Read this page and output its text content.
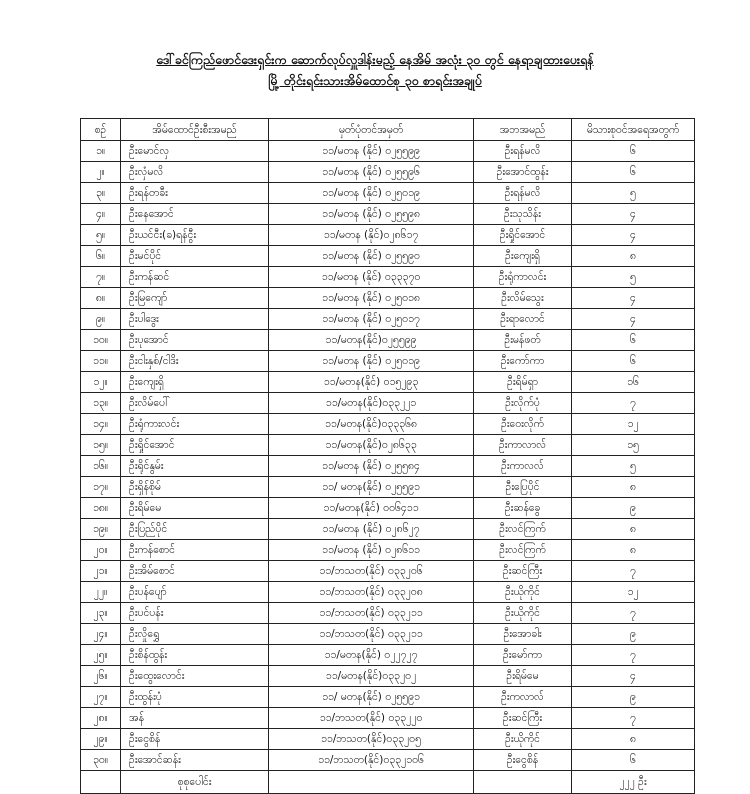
ဒေါ်ခင်ကြည်ဖောင်ဒေးရှင်းက ဆောက်လုပ်လှူဒါန်းမည့် နေအိမ် အလုံး ၃၀ တွင် နေရာချထားပေးရန်
မြို့ တိုင်းရင်းသားအိမ်ထောင်စု ၃၀ စာရင်းအချုပ်
စဉ်	အိမ်ထောင်ဦးစီးအမည်	မှတ်ပုံတင်အမှတ်	အဘအမည်	မိသားစုဝင်အရေအတွက်
၁။	ဦးမောင်လှ	၁၁/မတန (နိုင်) ၀၂၅၅၉၉	ဦးရန်မလိ	၆
၂။	ဦးလှံမလိ	၁၁/မတန (နိုင်) ၀၂၅၅၉၆	ဦးအောင်ထွန်း	၆
၃။	ဦးရန်တခီး	၁၁/မတန (နိုင်) ၀၂၅၀၁၉	ဦးရန်မလိ	၅
၄။	ဦးနေအောင်	၁၁/မတန (နိုင်) ၀၂၅၅၉၈	ဦးသုသိန်း	၄
၅။	ဦးယင်ငီး(ခ)ရန်ငွီး	၁၁/မတန (နိုင်)၀၂၈၆၁၇	ဦးရှိုင်အောင်	၄
၆။	ဦးမင်ပိုင်	၁၁/မတန (နိုင်) ၀၂၅၅၉၀	ဦးကျေးရှိ	၈
၇။	ဦးကန်ဆင်	၁၁/မတန (နိုင်) ၀၃၃၃၇၀	ဦးရုံကာလင်း	၅
၈။	ဦးမြကျော်	၁၁/မတန (နိုင်) ၀၂၅၀၁၈	ဦးလိမ်သွေး	၄
၉။	ဦးပါဒွေး	၁၁/မတန (နိုင်) ၀၂၅၀၁၇	ဦးရာလောင်	၄
၁၀။	ဦးပုအောင်	၁၁/မတန(နိုင်)၀၂၅၅၉၉	ဦးမန်ဖတ်	၆
၁၁။	ဦးငါးနှစ်/ငါဒိး	၁၁/မတန (နိုင်) ၀၂၅၀၁၉	ဦးကော်ကာ	၆
၁၂။	ဦးကျေးရှိ	၁၁/မတန(နိုင်) ၀၁၅၂၉၃	ဦးရိမ်ရှာ	၁၆
၁၃။	ဦးလိမ်ပေါ်	၁၁/မတန(နိုင်)၀၃၃၂၂၁	ဦးလိုက်ပုံ	၇
၁၄။	ဦးရုံကားလင်း	၁၁/မတန(နိုင်)၀၃၃၃၆၈	ဦးဝေးလိုက်	၁၂
၁၅။	ဦးရှိုင်အောင်	၁၁/မတန(နိုင်)၀၂၈၆၃၃	ဦးကာလာလ်	၁၅
၁၆။	ဦးရိုင်နွမ်း	၁၁/မတန (နိုင်) ၀၂၅၅၈၄	ဦးကာလလ်	၅
၁၇။	ဦးရှိန်စိုမ်	၁၁/ မတန(နိုင်) ၀၂၅၅၉၁	ဦးပြေပိုင်	၈
၁၈။	ဦးရိမ်မေ	၁၁/မတန(နိုင်) ၀၀၆၄၁၁	ဦးဆန်ခွေ	၉
၁၉။	ဦးပြည်ပိုင်	၁၁/မတန (နိုင်) ၀၂၈၆၂၇	ဦးလင်ကြက်	၈
၂၀။	ဦးကန်စောင်	၁၁/မတန (နိုင်) ၀၂၈၆၁၁	ဦးလင်ကြက်	၈
၂၁။	ဦးအိမ်စောင်	၁၁/ဘသတ(နိုင်) ၀၃၃၂၀၆	ဦးဆင်ကြီး	၇
၂၂။	ဦးပန်ပျော်	၁၁/ဘသတ(နိုင်) ၀၃၃၂၀၈	ဦးယိုကိုင်	၁၂
၂၃။	ဦးပင်ပန်း	၁၁/ဘသတ(နိုင်) ၀၃၃၂၁၁	ဦးယိုကိုင်	၇
၂၄။	ဦးလှိုရွှေ	၁၁/ဘသတ(နိုင်) ၀၃၃၂၁၁	ဦးအောခါး	၉
၂၅။	ဦးစိန်ထွန်း	၁၁/မတန(နိုင်) ၀၂၂၇၂၇	ဦးမော်ကာ	၇
၂၆။	ဦးထွေးလောင်း	၁၁/မတန(နိုင်)၀၃၃၂၀၂	ဦးရိမ်မေ	၄
၂၇။	ဦးထွန်းပုံ	၁၁/ မတန(နိုင်) ၀၂၅၅၉၁	ဦးကလာလ်	၉
၂၈။	အန်	၁၁/ဘသတ(နိုင်) ၀၃၃၂၂၀	ဦးဆင်ကြီး	၇
၂၉။	ဦးငွေစိန်	၁၁/ဘသတ(နိုင်)၀၃၃၂၀၅	ဦးယိုကိုင်	၈
၃၀။	ဦးအောင်ဆန်း	၁၁/ဘသတ(နိုင်)၀၃၃၂၁၀၆	ဦးငွေစိန်	၆
	စုစုပေါင်း			၂၂၂ ဦး
